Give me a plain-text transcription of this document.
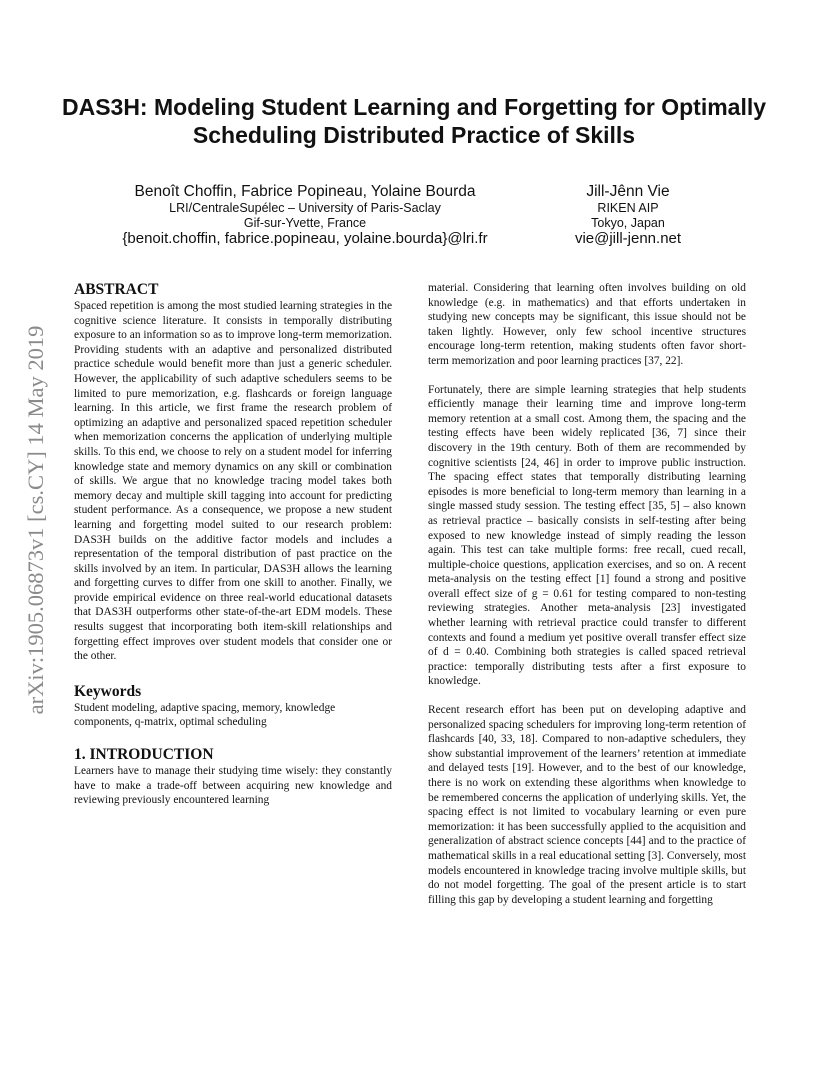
arXiv:1905.06873v1 [cs.CY] 14 May 2019
DAS3H: Modeling Student Learning and Forgetting for Optimally Scheduling Distributed Practice of Skills
Benoît Choffin, Fabrice Popineau, Yolaine Bourda
LRI/CentraleSupélec – University of Paris-Saclay
Gif-sur-Yvette, France
{benoit.choffin, fabrice.popineau, yolaine.bourda}@lri.fr
Jill-Jênn Vie
RIKEN AIP
Tokyo, Japan
vie@jill-jenn.net
ABSTRACT

Spaced repetition is among the most studied learning strategies in the cognitive science literature. It consists in temporally distributing exposure to an information so as to improve long-term memorization. Providing students with an adaptive and personalized distributed practice schedule would benefit more than just a generic scheduler. However, the applicability of such adaptive schedulers seems to be limited to pure memorization, e.g. flashcards or foreign language learning. In this article, we first frame the research problem of optimizing an adaptive and personalized spaced repetition scheduler when memorization concerns the application of underlying multiple skills. To this end, we choose to rely on a student model for inferring knowledge state and memory dynamics on any skill or combination of skills. We argue that no knowledge tracing model takes both memory decay and multiple skill tagging into account for predicting student performance. As a consequence, we propose a new student learning and forgetting model suited to our research problem: DAS3H builds on the additive factor models and includes a representation of the temporal distribution of past practice on the skills involved by an item. In particular, DAS3H allows the learning and forgetting curves to differ from one skill to another. Finally, we provide empirical evidence on three real-world educational datasets that DAS3H outperforms other state-of-the-art EDM models. These results suggest that incorporating both item-skill relationships and forgetting effect improves over student models that consider one or the other.

Keywords

Student modeling, adaptive spacing, memory, knowledge components, q-matrix, optimal scheduling

1. INTRODUCTION

Learners have to manage their studying time wisely: they constantly have to make a trade-off between acquiring new knowledge and reviewing previously encountered learning

material. Considering that learning often involves building on old knowledge (e.g. in mathematics) and that efforts undertaken in studying new concepts may be significant, this issue should not be taken lightly. However, only few school incentive structures encourage long-term retention, making students often favor short-term memorization and poor learning practices [37, 22].

Fortunately, there are simple learning strategies that help students efficiently manage their learning time and improve long-term memory retention at a small cost. Among them, the spacing and the testing effects have been widely replicated [36, 7] since their discovery in the 19th century. Both of them are recommended by cognitive scientists [24, 46] in order to improve public instruction. The spacing effect states that temporally distributing learning episodes is more beneficial to long-term memory than learning in a single massed study session. The testing effect [35, 5] – also known as retrieval practice – basically consists in self-testing after being exposed to new knowledge instead of simply reading the lesson again. This test can take multiple forms: free recall, cued recall, multiple-choice questions, application exercises, and so on. A recent meta-analysis on the testing effect [1] found a strong and positive overall effect size of g = 0.61 for testing compared to non-testing reviewing strategies. Another meta-analysis [23] investigated whether learning with retrieval practice could transfer to different contexts and found a medium yet positive overall transfer effect size of d = 0.40. Combining both strategies is called spaced retrieval practice: temporally distributing tests after a first exposure to knowledge.

Recent research effort has been put on developing adaptive and personalized spacing schedulers for improving long-term retention of flashcards [40, 33, 18]. Compared to non-adaptive schedulers, they show substantial improvement of the learners’ retention at immediate and delayed tests [19]. However, and to the best of our knowledge, there is no work on extending these algorithms when knowledge to be remembered concerns the application of underlying skills. Yet, the spacing effect is not limited to vocabulary learning or even pure memorization: it has been successfully applied to the acquisition and generalization of abstract science concepts [44] and to the practice of mathematical skills in a real educational setting [3]. Conversely, most models encountered in knowledge tracing involve multiple skills, but do not model forgetting. The goal of the present article is to start filling this gap by developing a student learning and forgetting
